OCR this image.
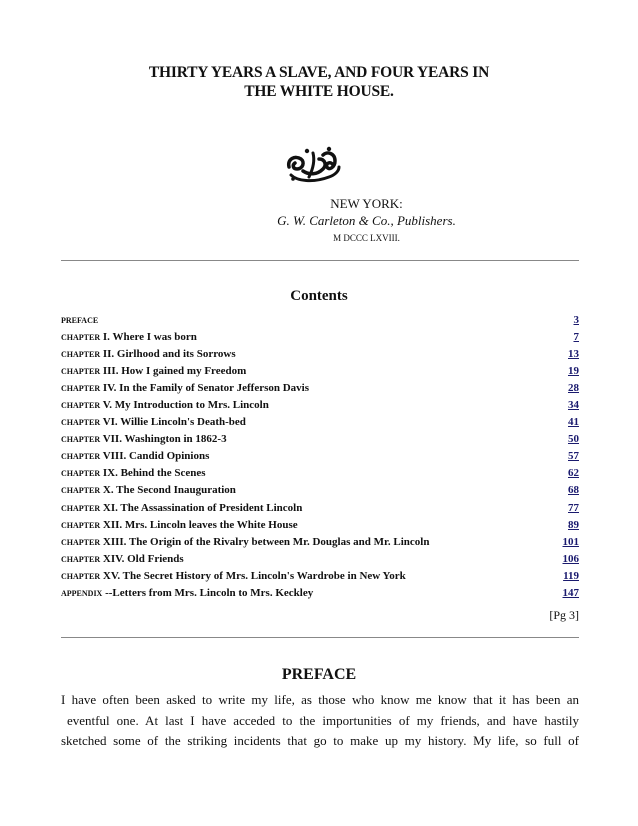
THIRTY YEARS A SLAVE, AND FOUR YEARS IN
THE WHITE HOUSE.
NEW YORK:
G. W. Carleton & Co., Publishers.
M DCCC LXVIII.
Contents
PREFACE	3
CHAPTER I. Where I was born	7
CHAPTER II. Girlhood and its Sorrows	13
CHAPTER III. How I gained my Freedom	19
CHAPTER IV. In the Family of Senator Jefferson Davis	28
CHAPTER V. My Introduction to Mrs. Lincoln	34
CHAPTER VI. Willie Lincoln's Death-bed	41
CHAPTER VII. Washington in 1862-3	50
CHAPTER VIII. Candid Opinions	57
CHAPTER IX. Behind the Scenes	62
CHAPTER X. The Second Inauguration	68
CHAPTER XI. The Assassination of President Lincoln	77
CHAPTER XII. Mrs. Lincoln leaves the White House	89
CHAPTER XIII. The Origin of the Rivalry between Mr. Douglas and Mr. Lincoln	101
CHAPTER XIV. Old Friends	106
CHAPTER XV. The Secret History of Mrs. Lincoln's Wardrobe in New York	119
APPENDIX --Letters from Mrs. Lincoln to Mrs. Keckley	147
[Pg 3]
PREFACE
I have often been asked to write my life, as those who know me know that it has been an
eventful one. At last I have acceded to the importunities of my friends, and have hastily
sketched some of the striking incidents that go to make up my history. My life, so full of
